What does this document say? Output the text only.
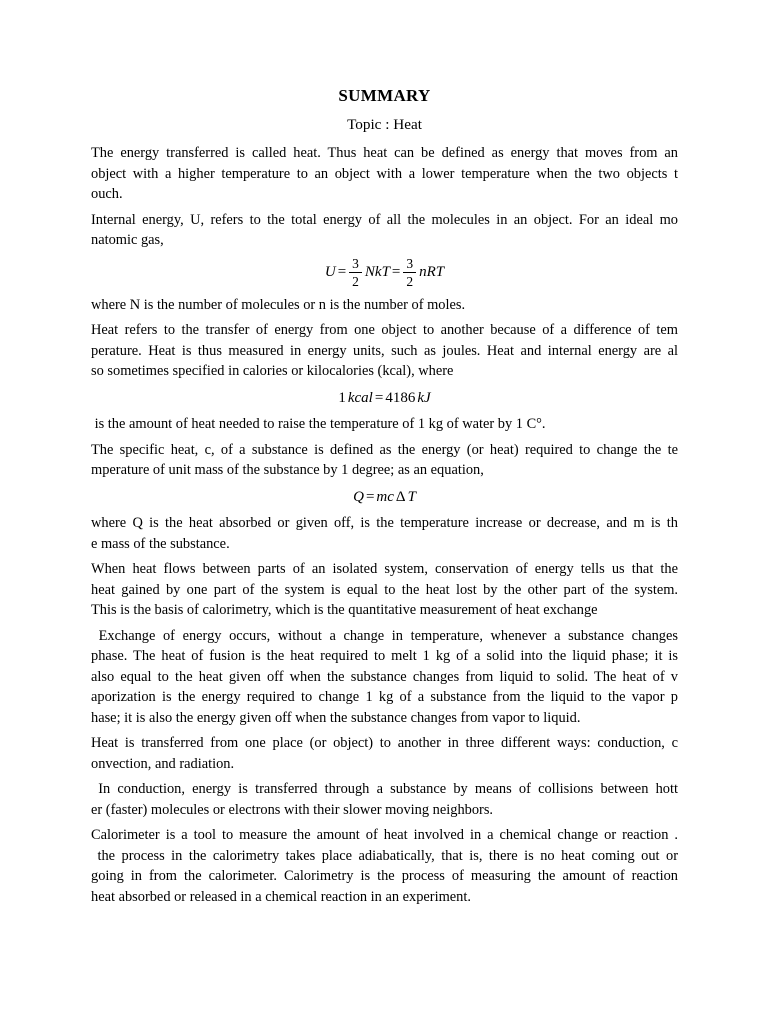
SUMMARY
Topic : Heat
The energy transferred is called heat. Thus heat can be defined as energy that moves from an
object with a higher temperature to an object with a lower temperature when the two objects t
ouch.
Internal energy, U, refers to the total energy of all the molecules in an object. For an ideal mo
natomic gas,
$U = \frac{3}{2}$ NkT = $\frac{3}{2}$ nRT
where N is the number of molecules or n is the number of moles.
Heat refers to the transfer of energy from one object to another because of a difference of tem
perature. Heat is thus measured in energy units, such as joules. Heat and internal energy are al
so sometimes specified in calories or kilocalories (kcal), where
1 kcal = 4186 kJ
is the amount of heat needed to raise the temperature of 1 kg of water by 1 C°.
The specific heat, c, of a substance is defined as the energy (or heat) required to change the te
mperature of unit mass of the substance by 1 degree; as an equation,
Q = mc Δ T
where Q is the heat absorbed or given off, is the temperature increase or decrease, and m is th
e mass of the substance.
When heat flows between parts of an isolated system, conservation of energy tells us that the
heat gained by one part of the system is equal to the heat lost by the other part of the system.
This is the basis of calorimetry, which is the quantitative measurement of heat exchange
Exchange of energy occurs, without a change in temperature, whenever a substance changes
phase. The heat of fusion is the heat required to melt 1 kg of a solid into the liquid phase; it is
also equal to the heat given off when the substance changes from liquid to solid. The heat of v
aporization is the energy required to change 1 kg of a substance from the liquid to the vapor p
hase; it is also the energy given off when the substance changes from vapor to liquid.
Heat is transferred from one place (or object) to another in three different ways: conduction, c
onvection, and radiation.
In conduction, energy is transferred through a substance by means of collisions between hott
er (faster) molecules or electrons with their slower moving neighbors.
Calorimeter is a tool to measure the amount of heat involved in a chemical change or reaction .
the process in the calorimetry takes place adiabatically, that is, there is no heat coming out or
going in from the calorimeter. Calorimetry is the process of measuring the amount of reaction
heat absorbed or released in a chemical reaction in an experiment.
